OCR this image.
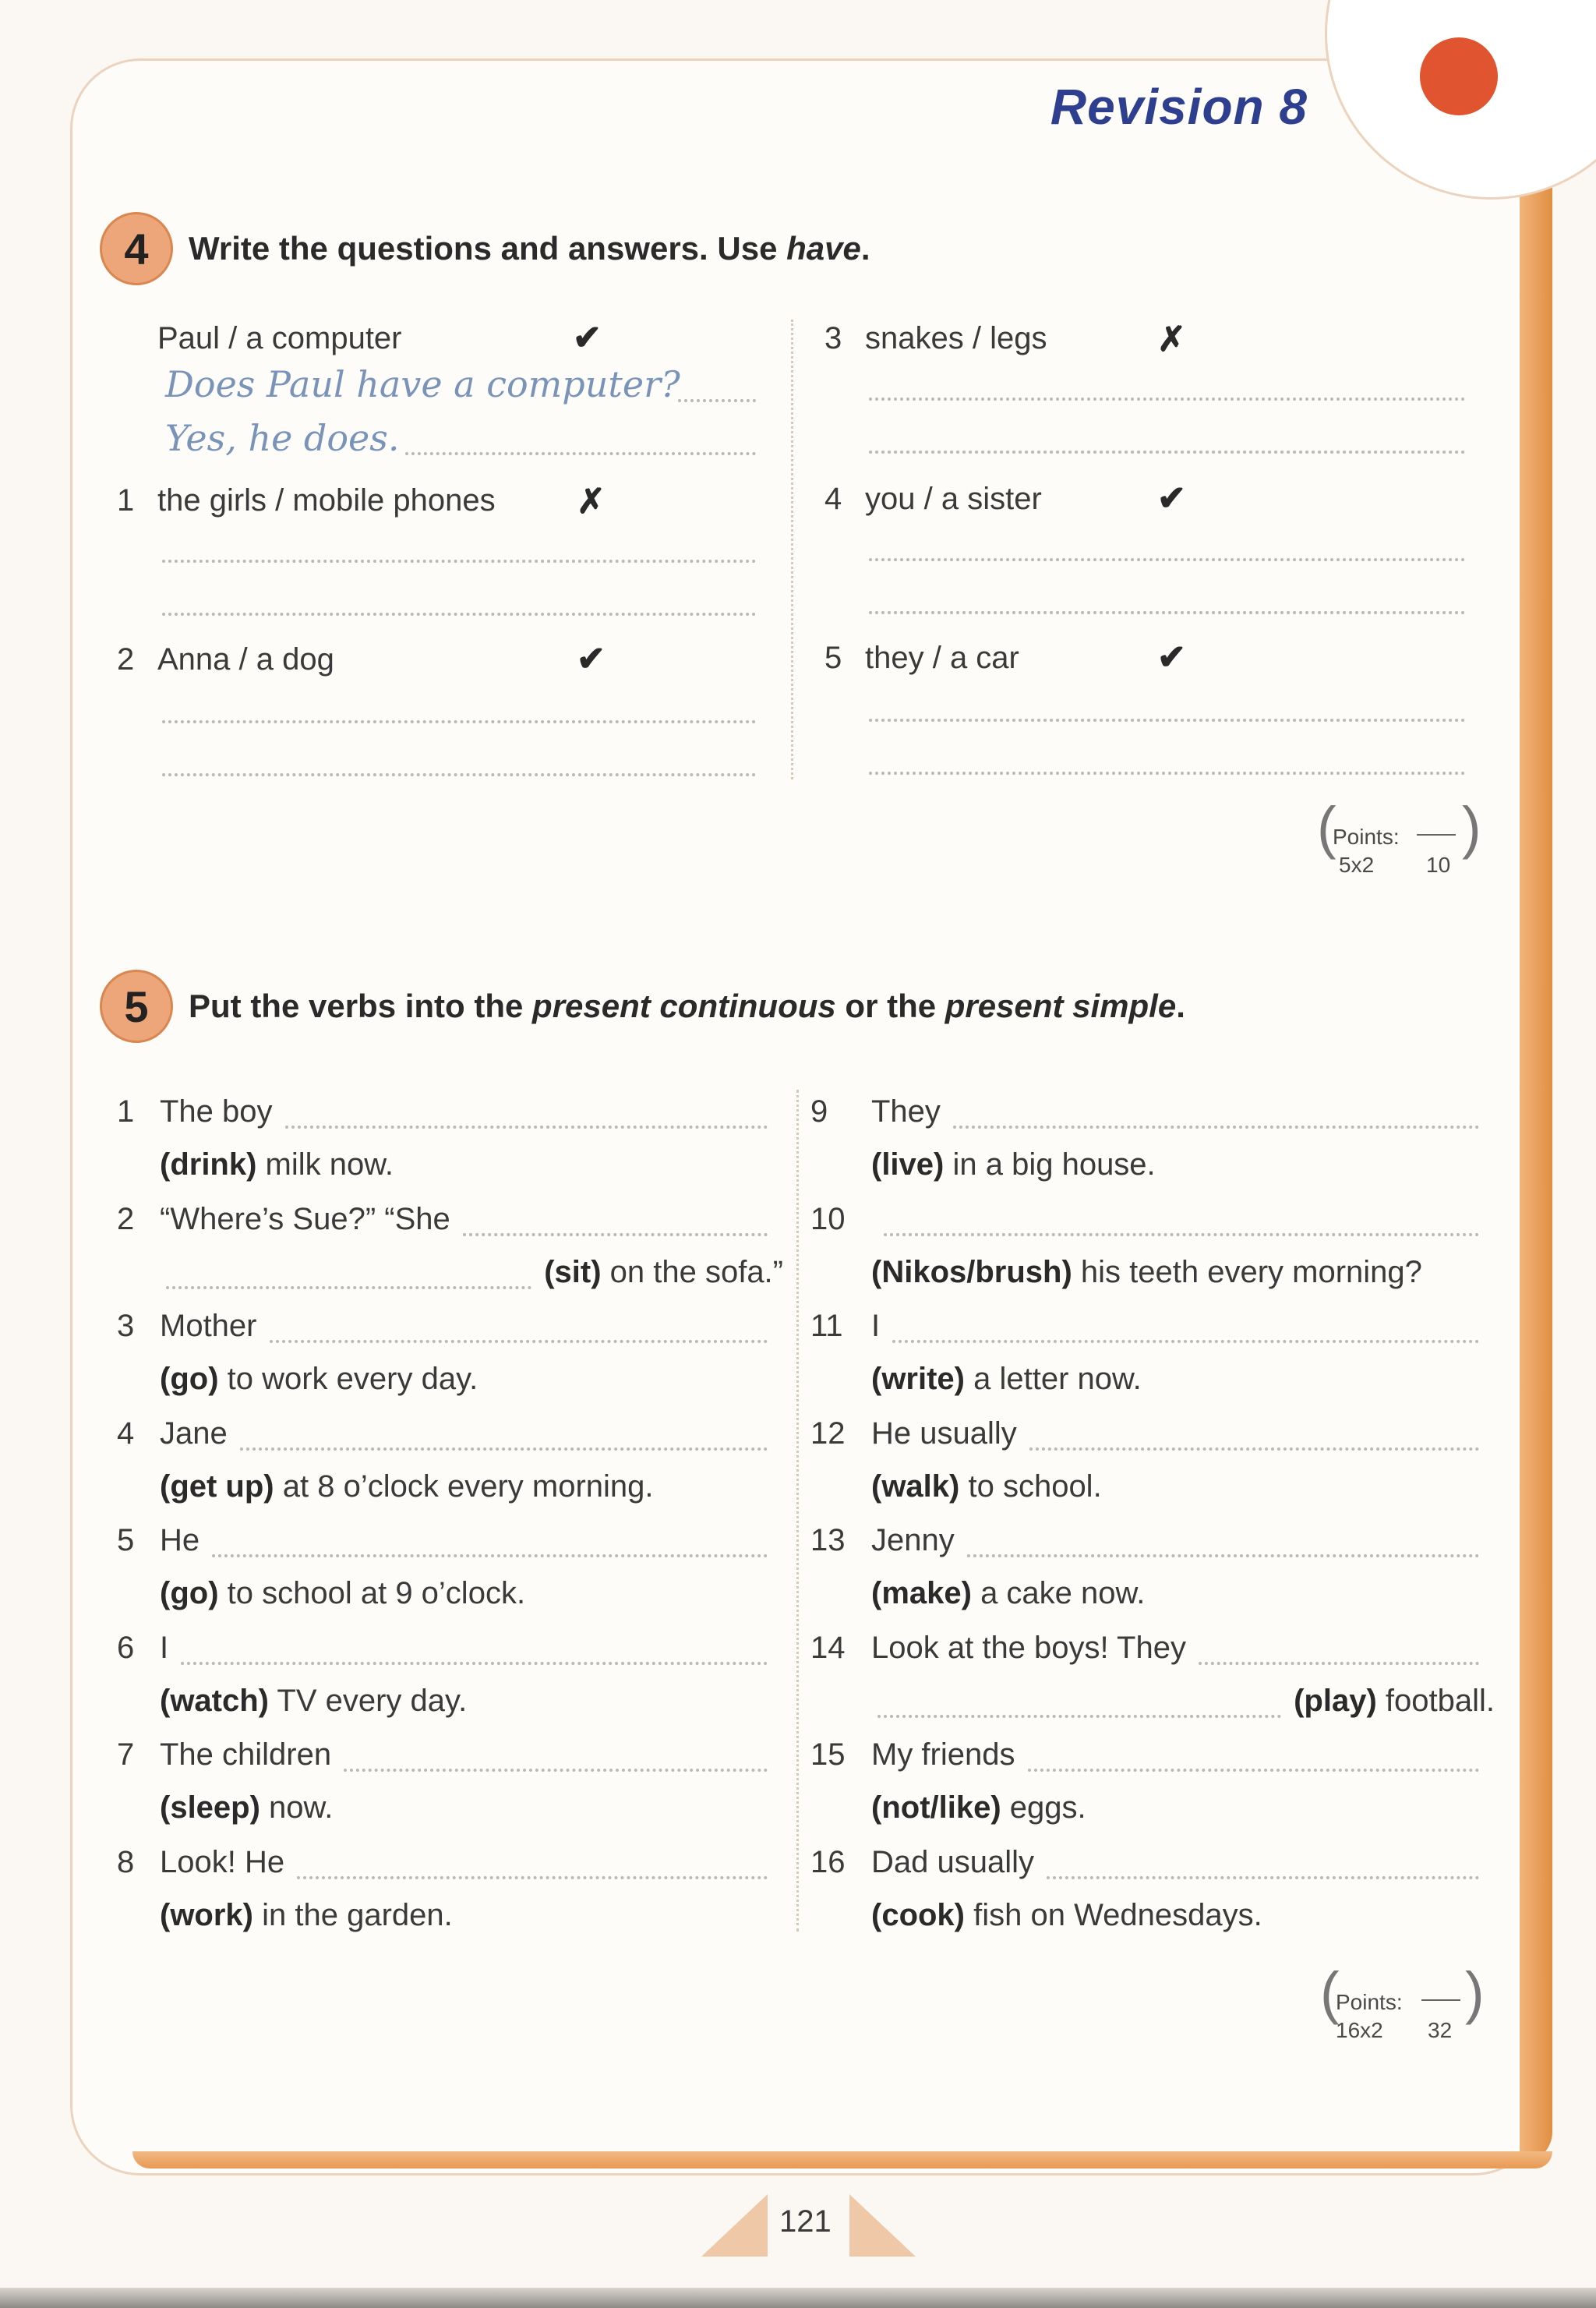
Revision 8
4	Write the questions and answers. Use have.
Paul / a computer	✔
Does Paul have a computer?
Yes, he does.
1 the girls / mobile phones ✗
2 Anna / a dog	✔
3 snakes / legs	✗
4 you / a sister	✔
5 they / a car	✔
(
Points:
5x2 10
)
5	Put the verbs into the present continuous or the present simple.
1 The boy
(drink) milk now.
2 “Where’s Sue?” “She
(sit) on the sofa.”
3 Mother
(go) to work every day.
4 Jane
(get up) at 8 o’clock every morning.
5 He
(go) to school at 9 o’clock.
6 I
(watch) TV every day.
7 The children
(sleep) now.
8 Look! He
(work) in the garden.
9 They
(live) in a big house.
10
(Nikos/brush) his teeth every morning?
11 I
(write) a letter now.
12 He usually
(walk) to school.
13 Jenny
(make) a cake now.
14 Look at the boys! They
(play) football.
15 My friends
(not/like) eggs.
16 Dad usually
(cook) fish on Wednesdays.
(
Points:
16x2 32
)
121
